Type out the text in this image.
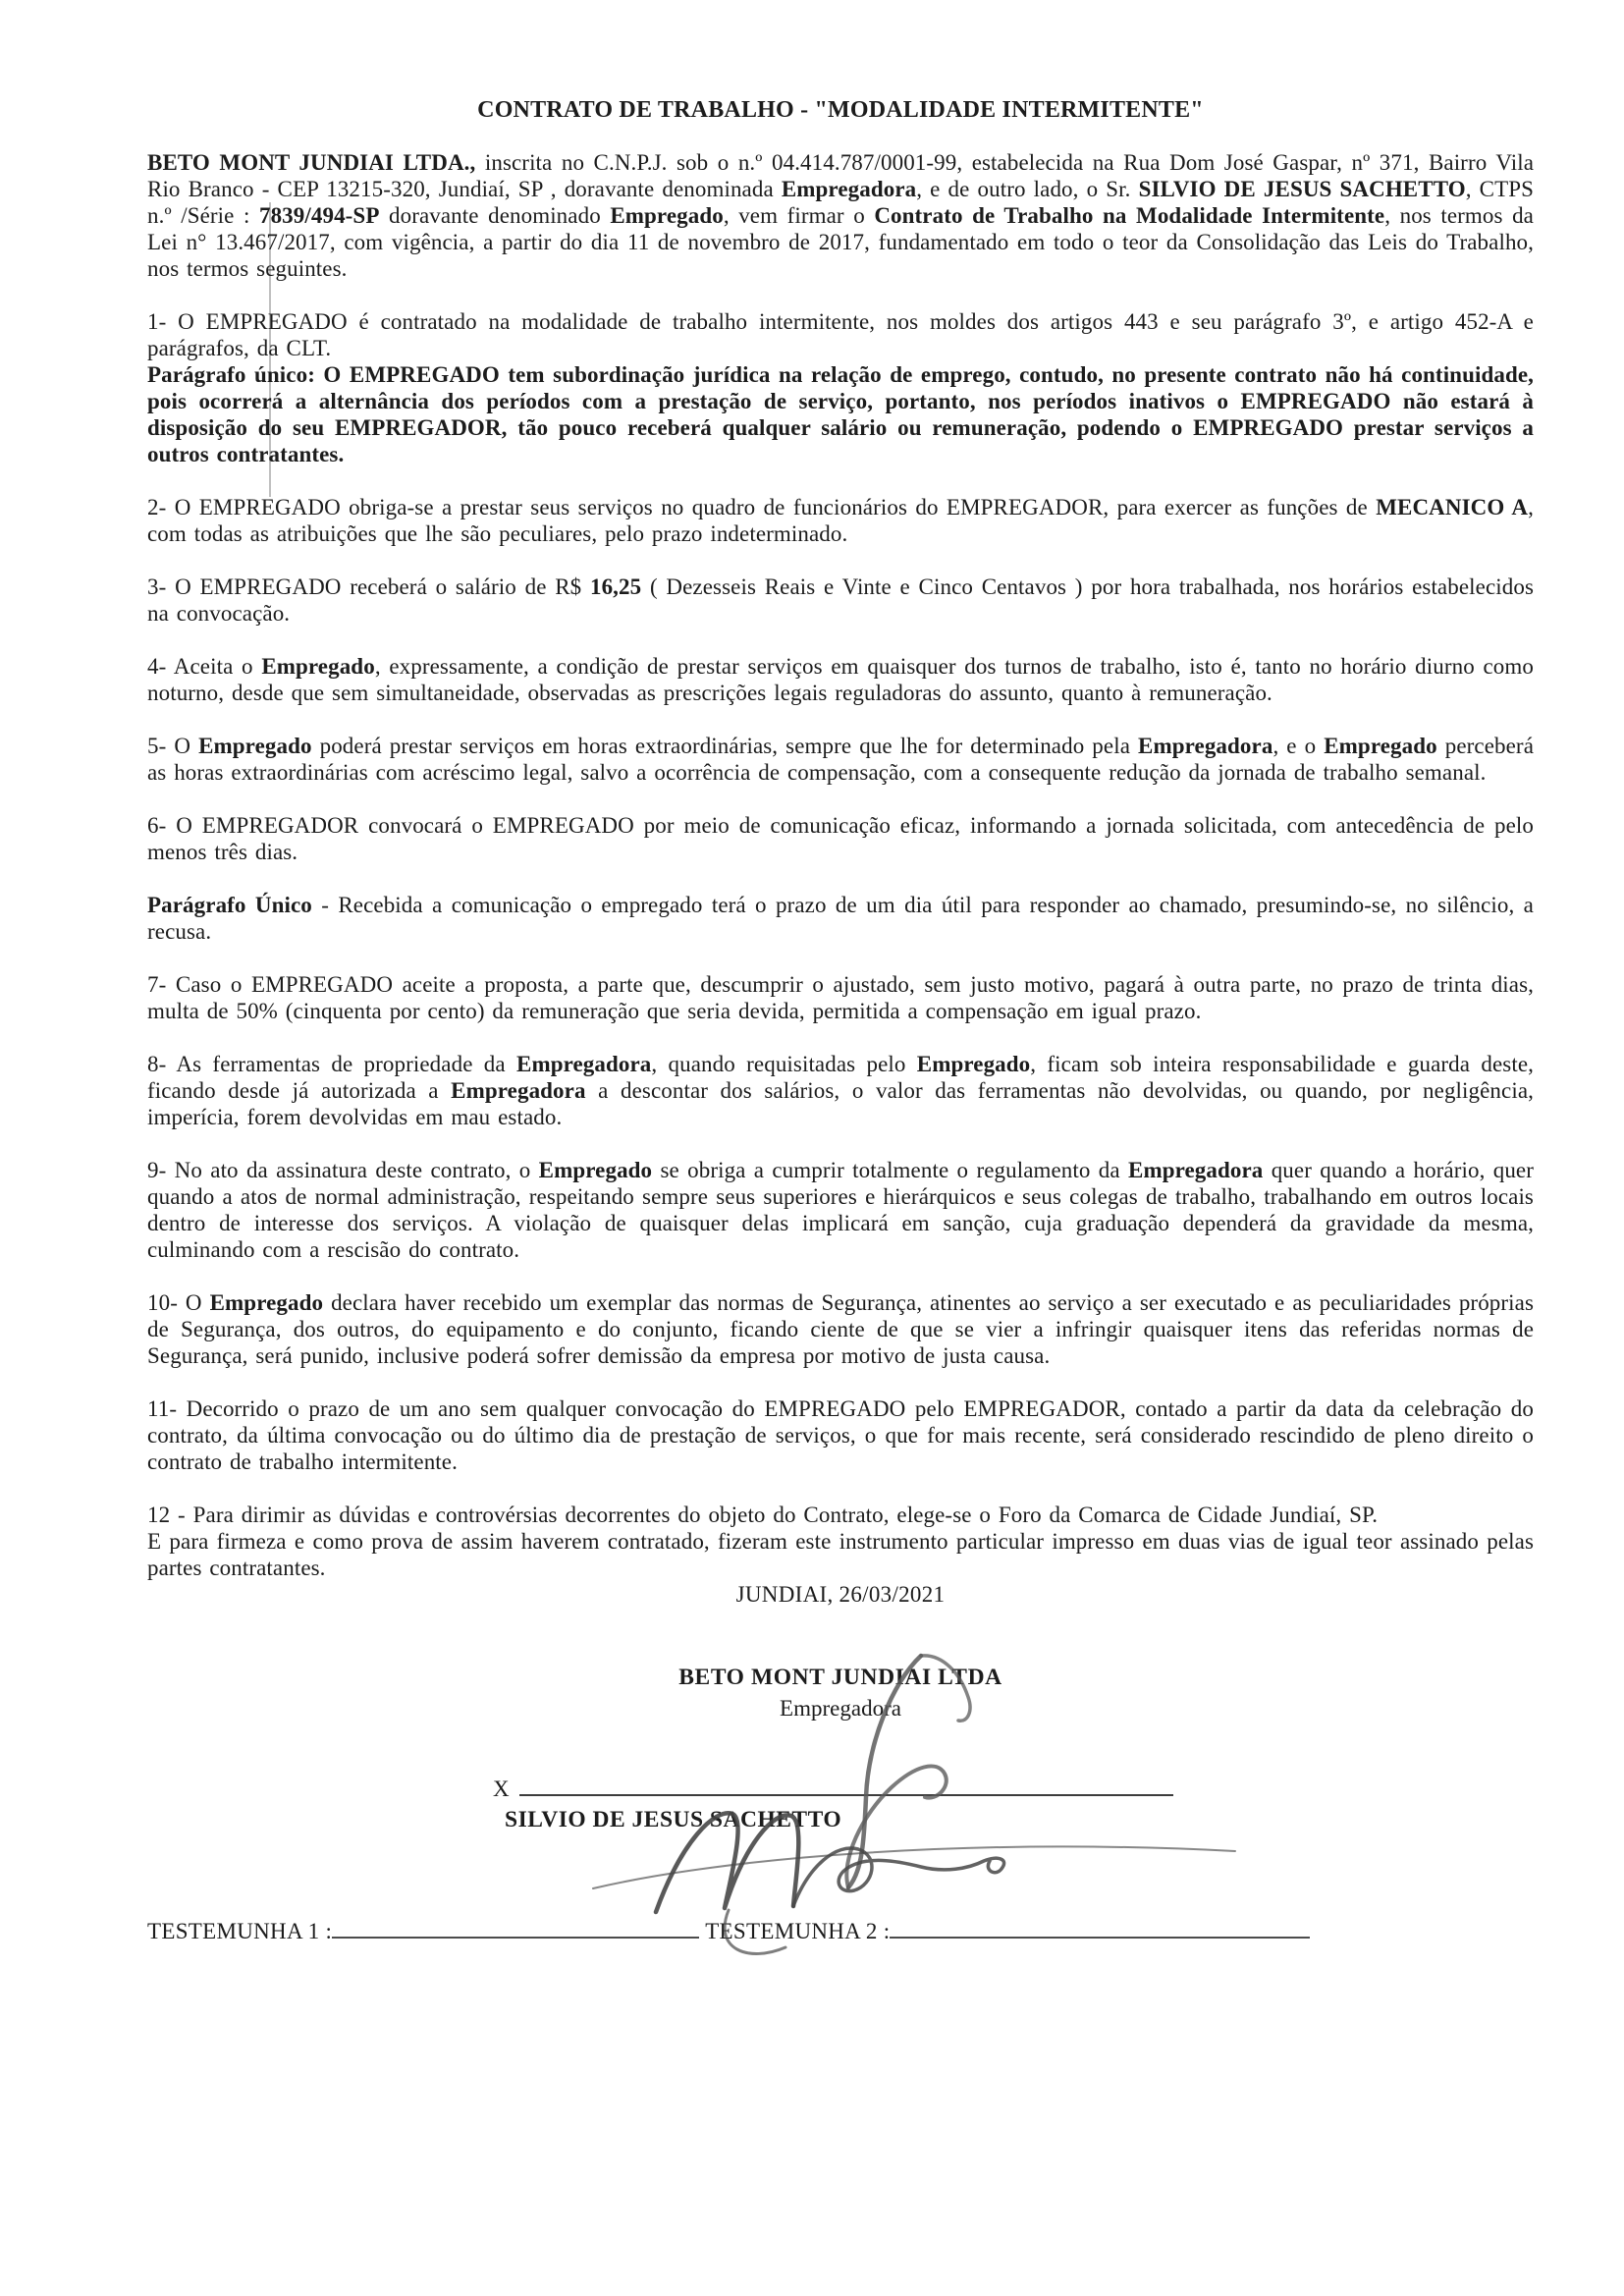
CONTRATO DE TRABALHO - "MODALIDADE INTERMITENTE"

BETO MONT JUNDIAI LTDA., inscrita no C.N.P.J. sob o n.º 04.414.787/0001-99, estabelecida na Rua Dom José Gaspar, nº 371, Bairro Vila Rio Branco - CEP 13215-320, Jundiaí, SP , doravante denominada Empregadora, e de outro lado, o Sr. SILVIO DE JESUS SACHETTO, CTPS n.º /Série : 7839/494-SP doravante denominado Empregado, vem firmar o Contrato de Trabalho na Modalidade Intermitente, nos termos da Lei n° 13.467/2017, com vigência, a partir do dia 11 de novembro de 2017, fundamentado em todo o teor da Consolidação das Leis do Trabalho, nos termos seguintes.

1- O EMPREGADO é contratado na modalidade de trabalho intermitente, nos moldes dos artigos 443 e seu parágrafo 3º, e artigo 452-A e parágrafos, da CLT.

Parágrafo único: O EMPREGADO tem subordinação jurídica na relação de emprego, contudo, no presente contrato não há continuidade, pois ocorrerá a alternância dos períodos com a prestação de serviço, portanto, nos períodos inativos o EMPREGADO não estará à disposição do seu EMPREGADOR, tão pouco receberá qualquer salário ou remuneração, podendo o EMPREGADO prestar serviços a outros contratantes.

2- O EMPREGADO obriga-se a prestar seus serviços no quadro de funcionários do EMPREGADOR, para exercer as funções de MECANICO A, com todas as atribuições que lhe são peculiares, pelo prazo indeterminado.

3- O EMPREGADO receberá o salário de R$ 16,25 ( Dezesseis Reais e Vinte e Cinco Centavos ) por hora trabalhada, nos horários estabelecidos na convocação.

4- Aceita o Empregado, expressamente, a condição de prestar serviços em quaisquer dos turnos de trabalho, isto é, tanto no horário diurno como noturno, desde que sem simultaneidade, observadas as prescrições legais reguladoras do assunto, quanto à remuneração.

5- O Empregado poderá prestar serviços em horas extraordinárias, sempre que lhe for determinado pela Empregadora, e o Empregado perceberá as horas extraordinárias com acréscimo legal, salvo a ocorrência de compensação, com a consequente redução da jornada de trabalho semanal.

6- O EMPREGADOR convocará o EMPREGADO por meio de comunicação eficaz, informando a jornada solicitada, com antecedência de pelo menos três dias.

Parágrafo Único - Recebida a comunicação o empregado terá o prazo de um dia útil para responder ao chamado, presumindo-se, no silêncio, a recusa.

7- Caso o EMPREGADO aceite a proposta, a parte que, descumprir o ajustado, sem justo motivo, pagará à outra parte, no prazo de trinta dias, multa de 50% (cinquenta por cento) da remuneração que seria devida, permitida a compensação em igual prazo.

8- As ferramentas de propriedade da Empregadora, quando requisitadas pelo Empregado, ficam sob inteira responsabilidade e guarda deste, ficando desde já autorizada a Empregadora a descontar dos salários, o valor das ferramentas não devolvidas, ou quando, por negligência, imperícia, forem devolvidas em mau estado.

9- No ato da assinatura deste contrato, o Empregado se obriga a cumprir totalmente o regulamento da Empregadora quer quando a horário, quer quando a atos de normal administração, respeitando sempre seus superiores e hierárquicos e seus colegas de trabalho, trabalhando em outros locais dentro de interesse dos serviços. A violação de quaisquer delas implicará em sanção, cuja graduação dependerá da gravidade da mesma, culminando com a rescisão do contrato.

10- O Empregado declara haver recebido um exemplar das normas de Segurança, atinentes ao serviço a ser executado e as peculiaridades próprias de Segurança, dos outros, do equipamento e do conjunto, ficando ciente de que se vier a infringir quaisquer itens das referidas normas de Segurança, será punido, inclusive poderá sofrer demissão da empresa por motivo de justa causa.

11- Decorrido o prazo de um ano sem qualquer convocação do EMPREGADO pelo EMPREGADOR, contado a partir da data da celebração do contrato, da última convocação ou do último dia de prestação de serviços, o que for mais recente, será considerado rescindido de pleno direito o contrato de trabalho intermitente.

12 - Para dirimir as dúvidas e controvérsias decorrentes do objeto do Contrato, elege-se o Foro da Comarca de Cidade Jundiaí, SP.

E para firmeza e como prova de assim haverem contratado, fizeram este instrumento particular impresso em duas vias de igual teor assinado pelas partes contratantes.

JUNDIAI, 26/03/2021
BETO MONT JUNDIAI LTDA
Empregadora
X
SILVIO DE JESUS SACHETTO
TESTEMUNHA 1 :	TESTEMUNHA 2 :
